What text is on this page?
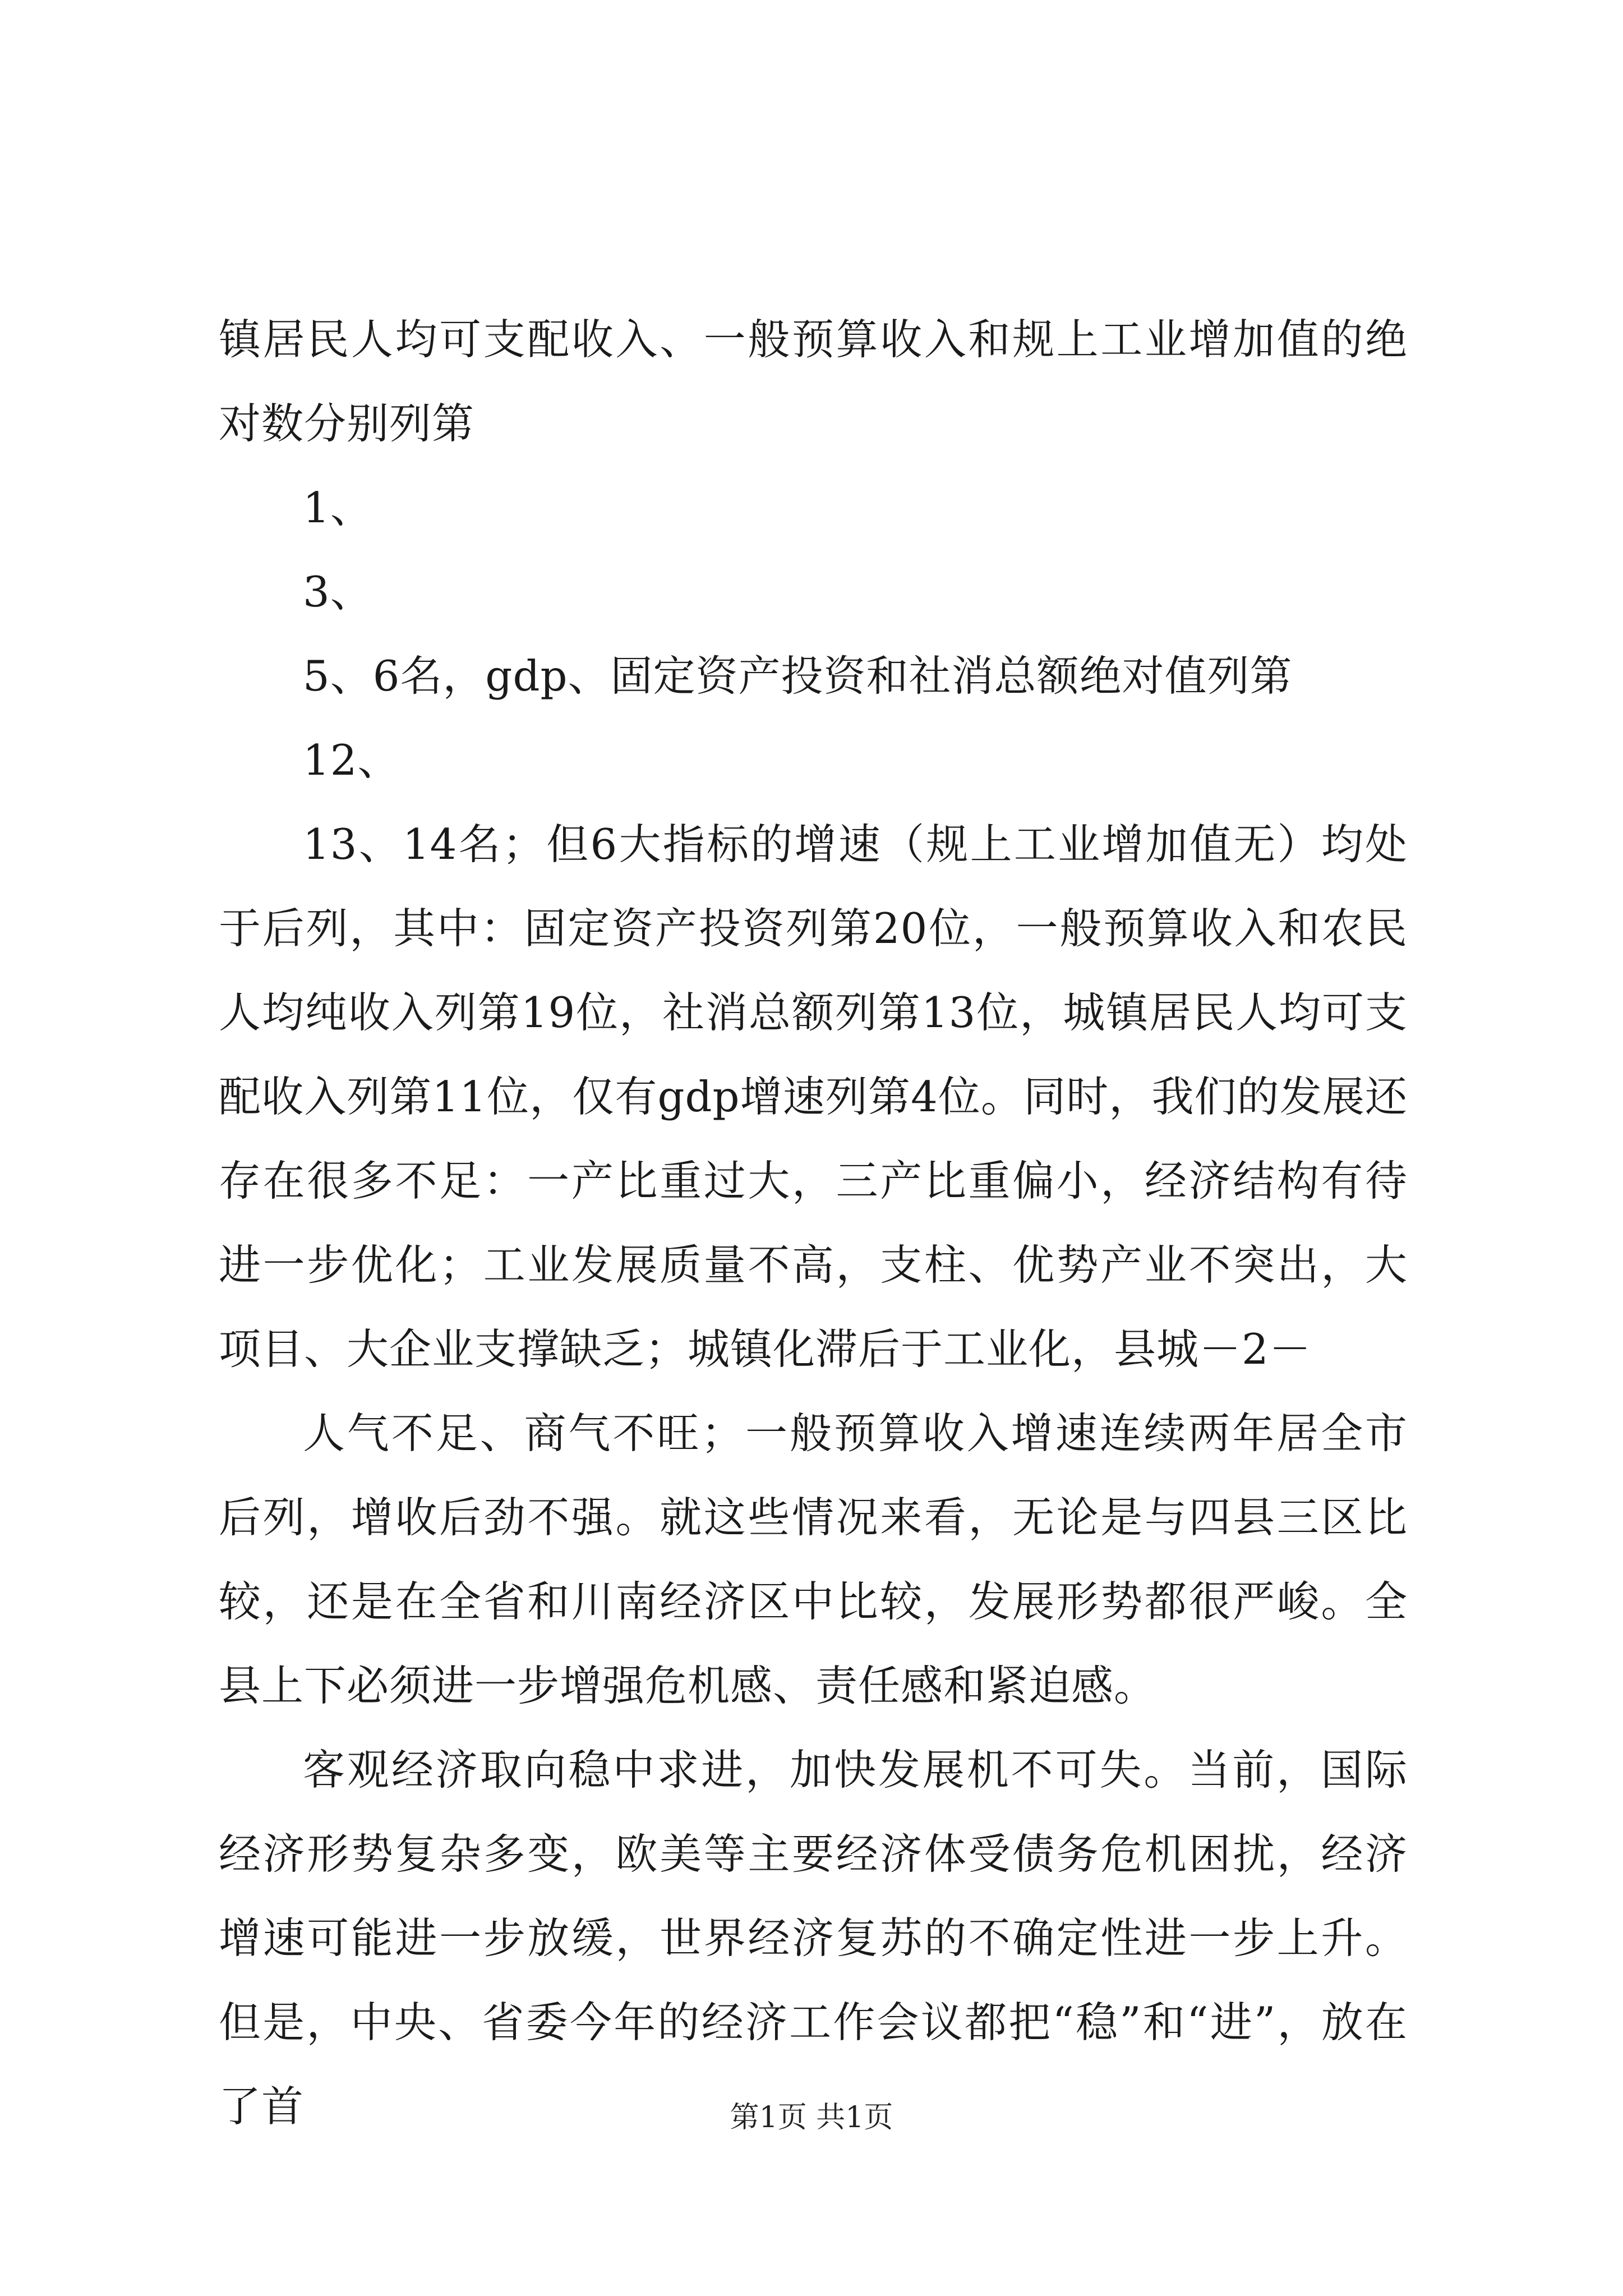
镇居民人均可支配收入、一般预算收入和规上工业增加值的绝对数分别列第

1、

3、

5、6名，gdp、固定资产投资和社消总额绝对值列第

12、

13、14名；但6大指标的增速（规上工业增加值无）均处于后列，其中：固定资产投资列第20位，一般预算收入和农民人均纯收入列第19位，社消总额列第13位，城镇居民人均可支配收入列第11位，仅有gdp增速列第4位。同时，我们的发展还存在很多不足：一产比重过大，三产比重偏小，经济结构有待进一步优化；工业发展质量不高，支柱、优势产业不突出，大项目、大企业支撑缺乏；城镇化滞后于工业化，县城－2－

人气不足、商气不旺；一般预算收入增速连续两年居全市后列，增收后劲不强。就这些情况来看，无论是与四县三区比较，还是在全省和川南经济区中比较，发展形势都很严峻。全县上下必须进一步增强危机感、责任感和紧迫感。

客观经济取向稳中求进，加快发展机不可失。当前，国际经济形势复杂多变，欧美等主要经济体受债务危机困扰，经济增速可能进一步放缓，世界经济复苏的不确定性进一步上升。但是，中央、省委今年的经济工作会议都把“稳”和“进”，放在了首	第1页 共1页
